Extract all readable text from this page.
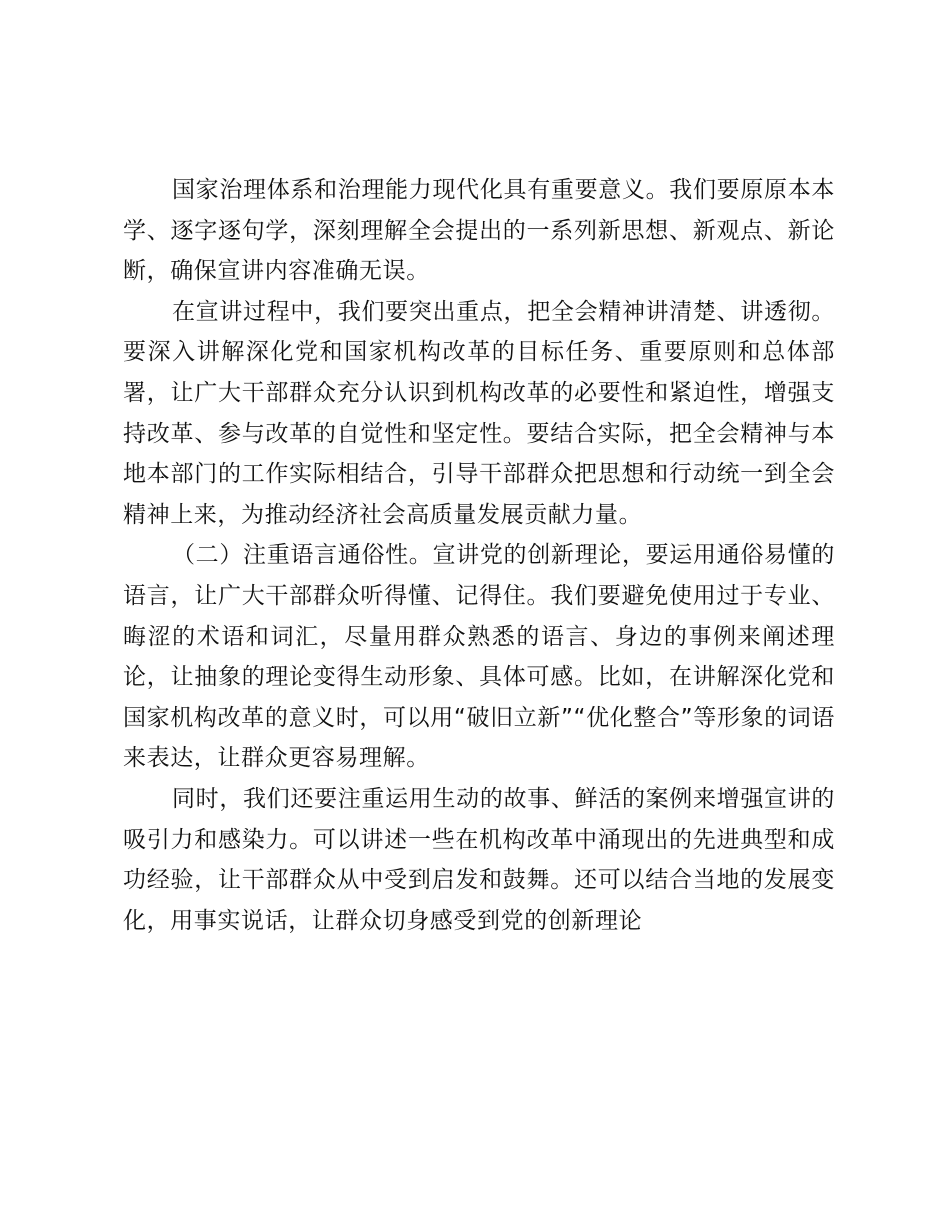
国家治理体系和治理能力现代化具有重要意义。我们要原原本本学、逐字逐句学，深刻理解全会提出的一系列新思想、新观点、新论断，确保宣讲内容准确无误。

在宣讲过程中，我们要突出重点，把全会精神讲清楚、讲透彻。要深入讲解深化党和国家机构改革的目标任务、重要原则和总体部署，让广大干部群众充分认识到机构改革的必要性和紧迫性，增强支持改革、参与改革的自觉性和坚定性。要结合实际，把全会精神与本地本部门的工作实际相结合，引导干部群众把思想和行动统一到全会精神上来，为推动经济社会高质量发展贡献力量。

（二）注重语言通俗性。宣讲党的创新理论，要运用通俗易懂的语言，让广大干部群众听得懂、记得住。我们要避免使用过于专业、晦涩的术语和词汇，尽量用群众熟悉的语言、身边的事例来阐述理论，让抽象的理论变得生动形象、具体可感。比如，在讲解深化党和国家机构改革的意义时，可以用“破旧立新”“优化整合”等形象的词语来表达，让群众更容易理解。

同时，我们还要注重运用生动的故事、鲜活的案例来增强宣讲的吸引力和感染力。可以讲述一些在机构改革中涌现出的先进典型和成功经验，让干部群众从中受到启发和鼓舞。还可以结合当地的发展变化，用事实说话，让群众切身感受到党的创新理论
